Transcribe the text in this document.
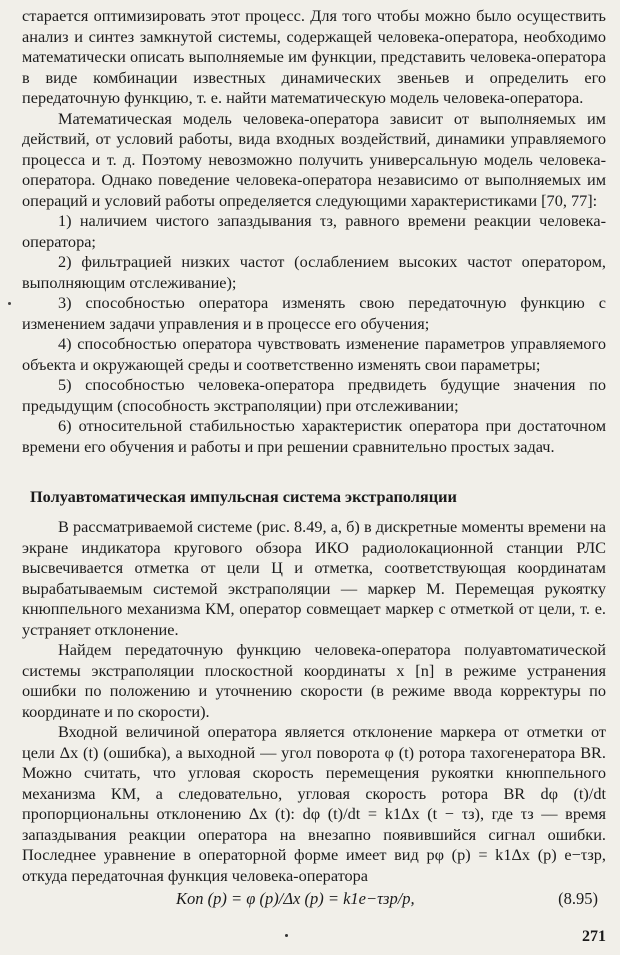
старается оптимизировать этот процесс. Для того чтобы можно было осуществить анализ и синтез замкнутой системы, содержащей человека-оператора, необходимо математически описать выполняемые им функции, представить человека-оператора в виде комбинации известных динамических звеньев и определить его передаточную функцию, т. е. найти математическую модель человека-оператора.

Математическая модель человека-оператора зависит от выполняемых им действий, от условий работы, вида входных воздействий, динамики управляемого процесса и т. д. Поэтому невозможно получить универсальную модель человека-оператора. Однако поведение человека-оператора независимо от выполняемых им операций и условий работы определяется следующими характеристиками [70, 77]:

1) наличием чистого запаздывания τз, равного времени реакции человека-оператора;

2) фильтрацией низких частот (ослаблением высоких частот оператором, выполняющим отслеживание);

3) способностью оператора изменять свою передаточную функцию с изменением задачи управления и в процессе его обучения;

4) способностью оператора чувствовать изменение параметров управляемого объекта и окружающей среды и соответственно изменять свои параметры;

5) способностью человека-оператора предвидеть будущие значения по предыдущим (способность экстраполяции) при отслеживании;

6) относительной стабильностью характеристик оператора при достаточном времени его обучения и работы и при решении сравнительно простых задач.

Полуавтоматическая импульсная система экстраполяции

В рассматриваемой системе (рис. 8.49, а, б) в дискретные моменты времени на экране индикатора кругового обзора ИКО радиолокационной станции РЛС высвечивается отметка от цели Ц и отметка, соответствующая координатам вырабатываемым системой экстраполяции — маркер М. Перемещая рукоятку кнюппельного механизма КМ, оператор совмещает маркер с отметкой от цели, т. е. устраняет отклонение.

Найдем передаточную функцию человека-оператора полуавтоматической системы экстраполяции плоскостной координаты x [n] в режиме устранения ошибки по положению и уточнению скорости (в режиме ввода корректуры по координате и по скорости).

Входной величиной оператора является отклонение маркера от отметки от цели Δx (t) (ошибка), а выходной — угол поворота φ (t) ротора тахогенератора BR. Можно считать, что угловая скорость перемещения рукоятки кнюппельного механизма КМ, а следовательно, угловая скорость ротора BR dφ (t)/dt пропорциональны отклонению Δx (t): dφ (t)/dt = k1Δx (t − τз), где τз — время запаздывания реакции оператора на внезапно появившийся сигнал ошибки. Последнее уравнение в операторной форме имеет вид pφ (p) = k1Δx (p) e−τзp, откуда передаточная функция человека-оператора

Kоп (p) = φ (p)/Δx (p) = k1e−τзp/p,	(8.95)
271
